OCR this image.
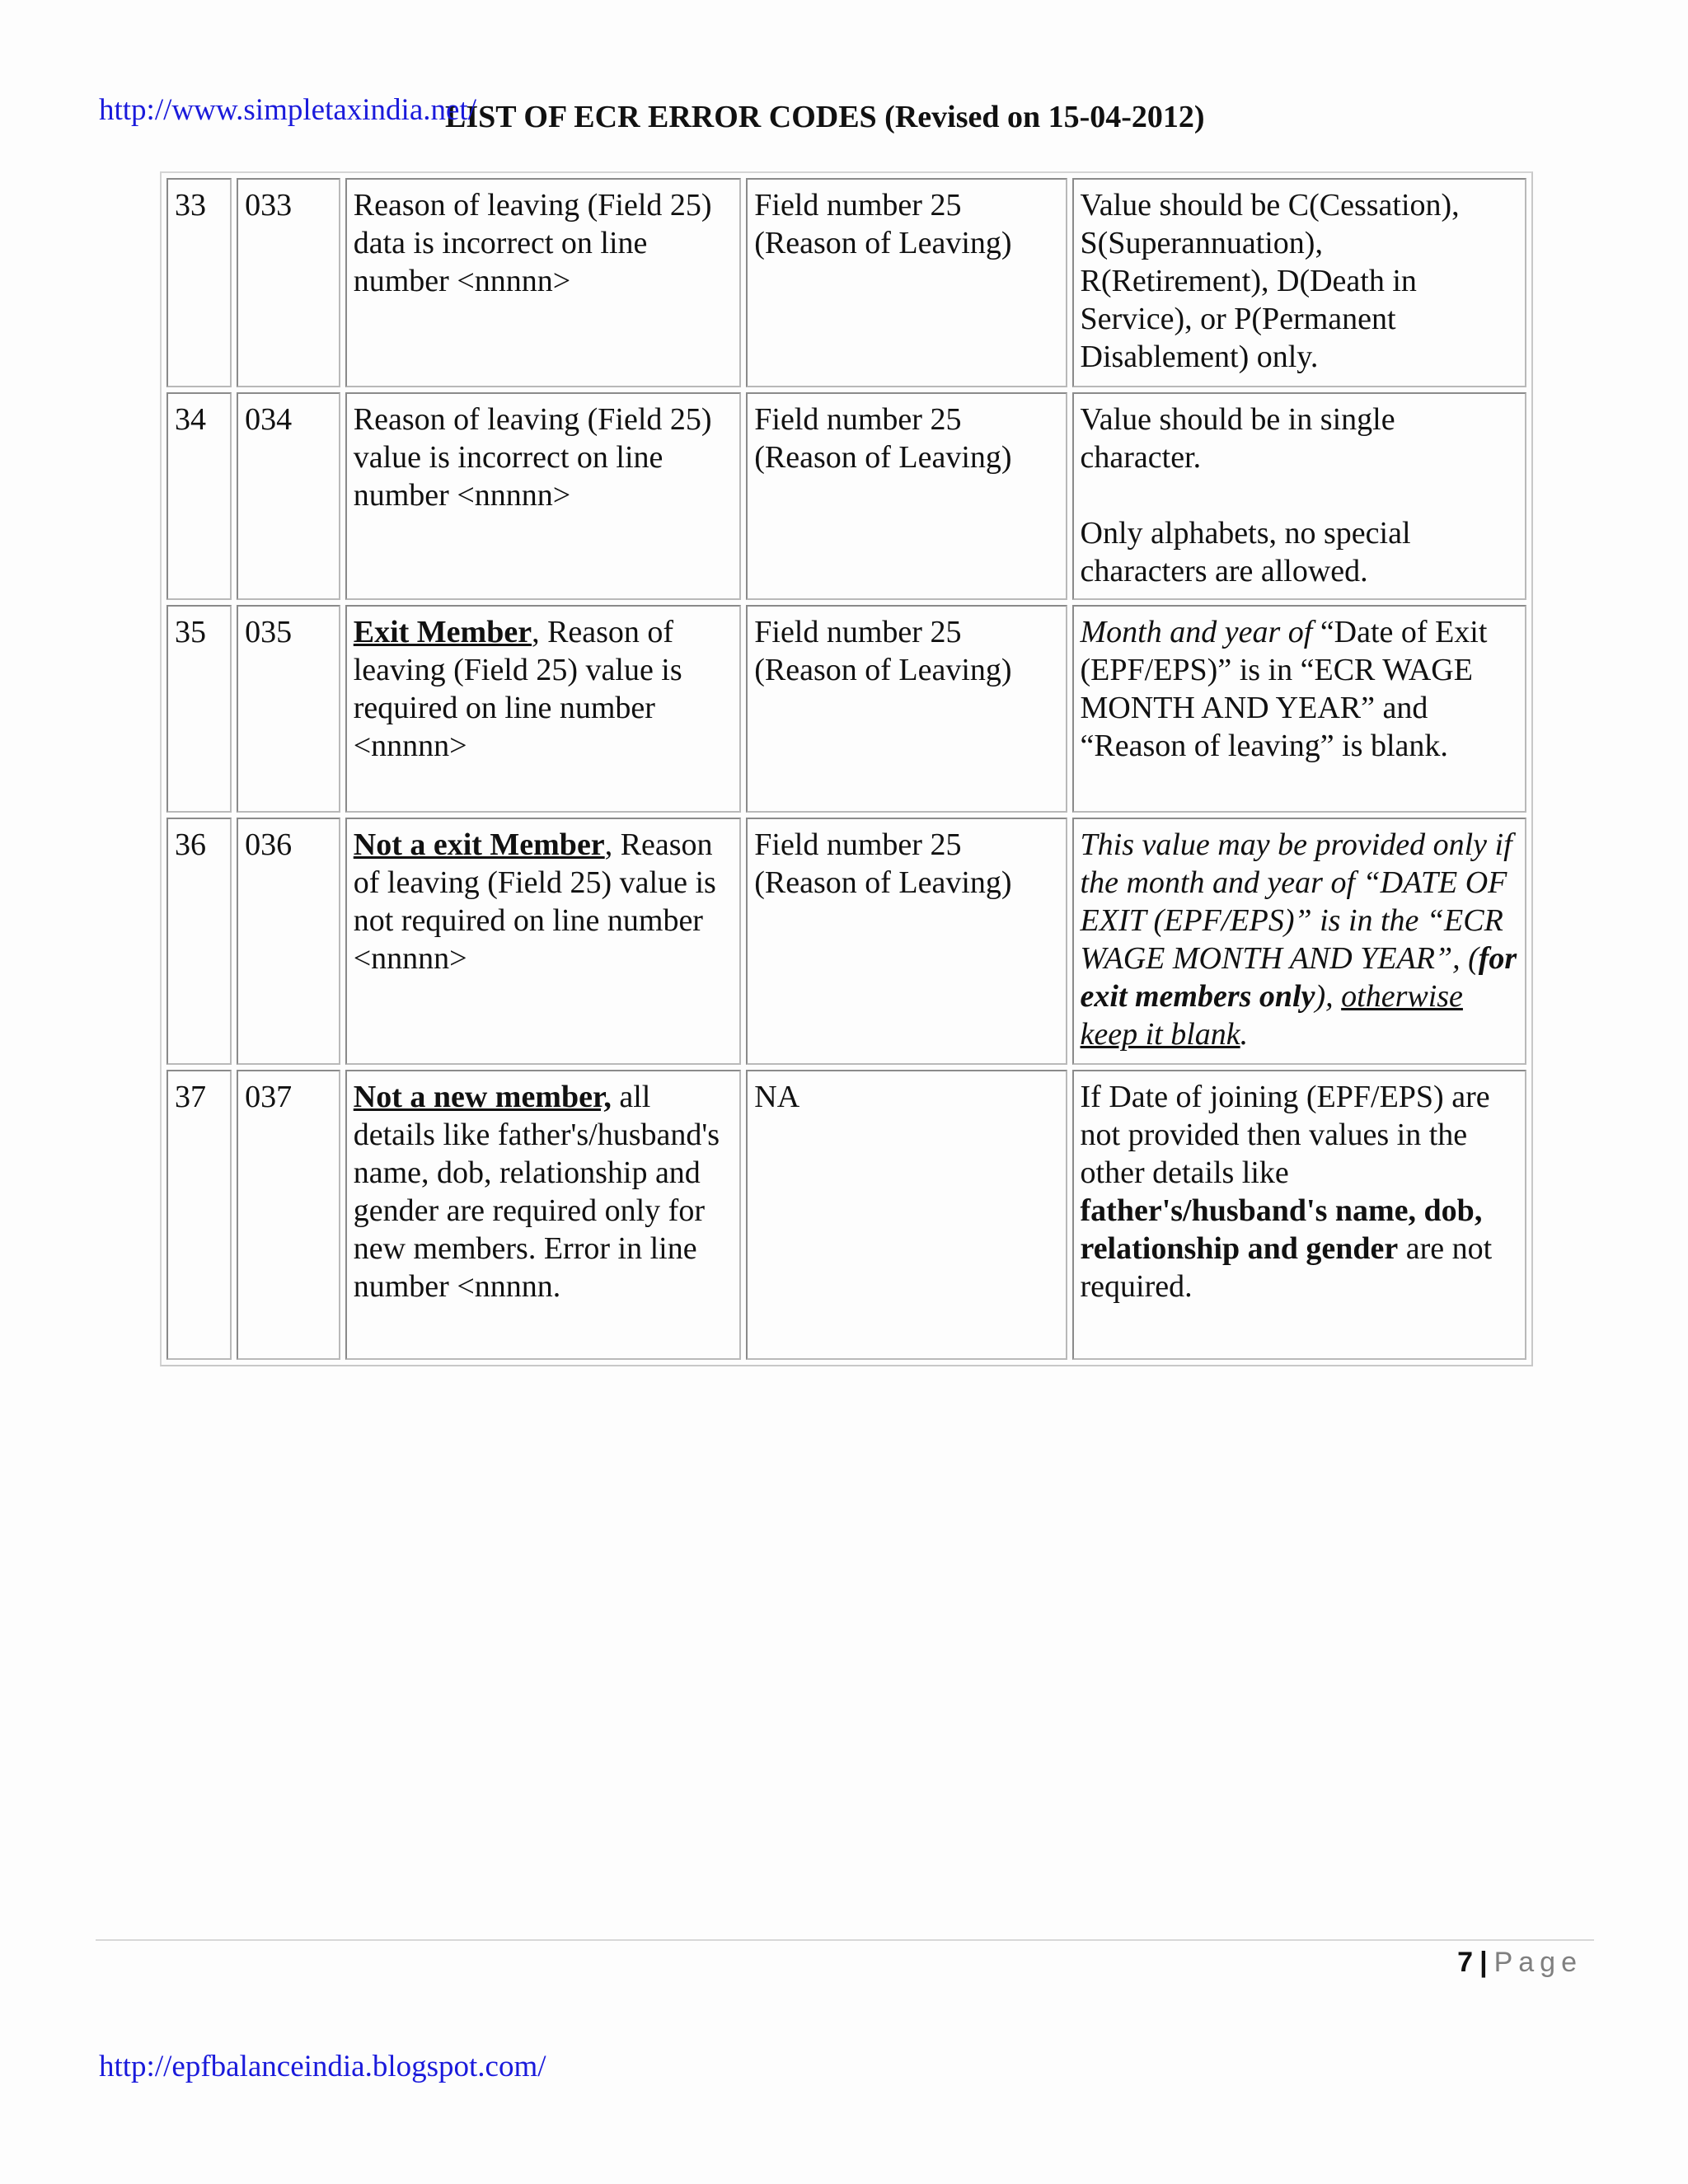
http://www.simpletaxindia.net/
LIST OF ECR ERROR CODES (Revised on 15-04-2012)
33	033	Reason of leaving (Field 25) data is incorrect on line number <nnnnn>	Field number 25 (Reason of Leaving)	Value should be C(Cessation), S(Superannuation), R(Retirement), D(Death in Service), or P(Permanent Disablement) only.
34	034	Reason of leaving (Field 25) value is incorrect on line number <nnnnn>	Field number 25 (Reason of Leaving)	Value should be in single character.
Only alphabets, no special characters are allowed.
35	035	Exit Member, Reason of leaving (Field 25) value is required on line number <nnnnn>	Field number 25 (Reason of Leaving)	Month and year of “Date of Exit (EPF/EPS)” is in “ECR WAGE MONTH AND YEAR” and “Reason of leaving” is blank.
36	036	Not a exit Member, Reason of leaving (Field 25) value is not required on line number <nnnnn>	Field number 25 (Reason of Leaving)	This value may be provided only if the month and year of “DATE OF EXIT (EPF/EPS)” is in the “ECR WAGE MONTH AND YEAR”, (for exit members only), otherwise keep it blank.
37	037	Not a new member, all details like father's/husband's name, dob, relationship and gender are required only for new members. Error in line number <nnnnn.	NA	If Date of joining (EPF/EPS) are not provided then values in the other details like father's/husband's name, dob, relationship and gender are not required.
7 | Page
http://epfbalanceindia.blogspot.com/
